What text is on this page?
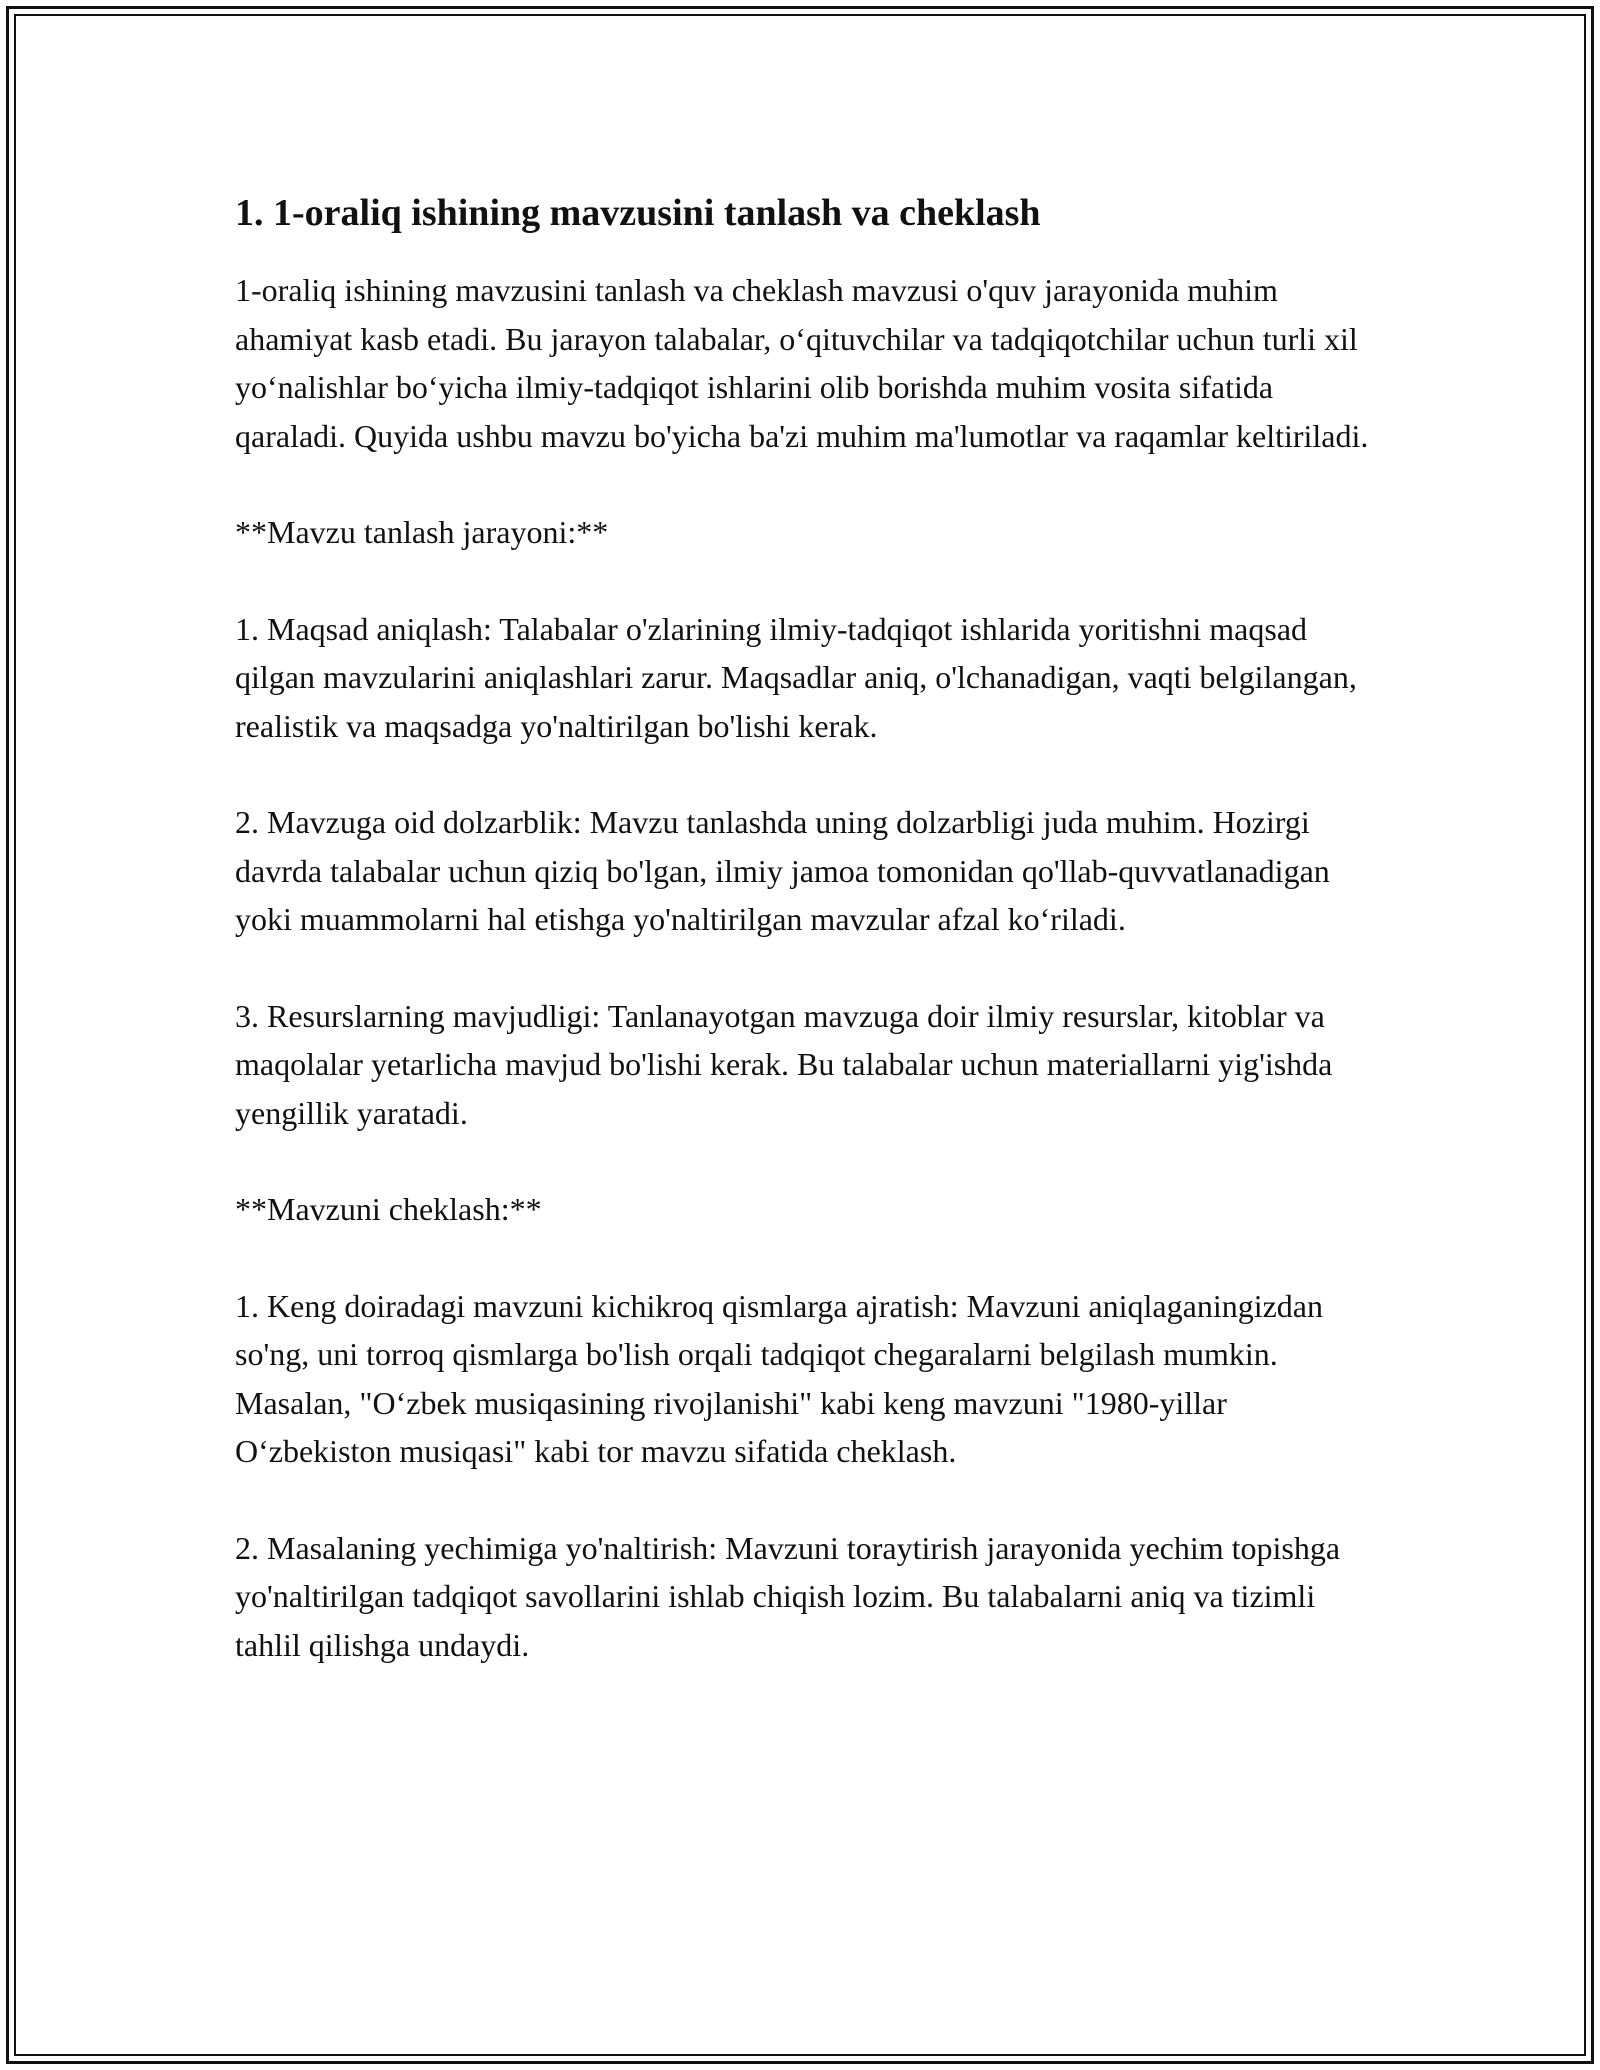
1. 1-oraliq ishining mavzusini tanlash va cheklash

1-oraliq ishining mavzusini tanlash va cheklash mavzusi o'quv jarayonida muhim ahamiyat kasb etadi. Bu jarayon talabalar, o‘qituvchilar va tadqiqotchilar uchun turli xil yo‘nalishlar bo‘yicha ilmiy-tadqiqot ishlarini olib borishda muhim vosita sifatida qaraladi. Quyida ushbu mavzu bo'yicha ba'zi muhim ma'lumotlar va raqamlar keltiriladi.

**Mavzu tanlash jarayoni:**

1. Maqsad aniqlash: Talabalar o'zlarining ilmiy-tadqiqot ishlarida yoritishni maqsad qilgan mavzularini aniqlashlari zarur. Maqsadlar aniq, o'lchanadigan, vaqti belgilangan, realistik va maqsadga yo'naltirilgan bo'lishi kerak.

2. Mavzuga oid dolzarblik: Mavzu tanlashda uning dolzarbligi juda muhim. Hozirgi davrda talabalar uchun qiziq bo'lgan, ilmiy jamoa tomonidan qo'llab-quvvatlanadigan yoki muammolarni hal etishga yo'naltirilgan mavzular afzal ko‘riladi.

3. Resurslarning mavjudligi: Tanlanayotgan mavzuga doir ilmiy resurslar, kitoblar va maqolalar yetarlicha mavjud bo'lishi kerak. Bu talabalar uchun materiallarni yig'ishda yengillik yaratadi.

**Mavzuni cheklash:**

1. Keng doiradagi mavzuni kichikroq qismlarga ajratish: Mavzuni aniqlaganingizdan so'ng, uni torroq qismlarga bo'lish orqali tadqiqot chegaralarni belgilash mumkin. Masalan, "O‘zbek musiqasining rivojlanishi" kabi keng mavzuni "1980-yillar O‘zbekiston musiqasi" kabi tor mavzu sifatida cheklash.

2. Masalaning yechimiga yo'naltirish: Mavzuni toraytirish jarayonida yechim topishga yo'naltirilgan tadqiqot savollarini ishlab chiqish lozim. Bu talabalarni aniq va tizimli tahlil qilishga undaydi.
